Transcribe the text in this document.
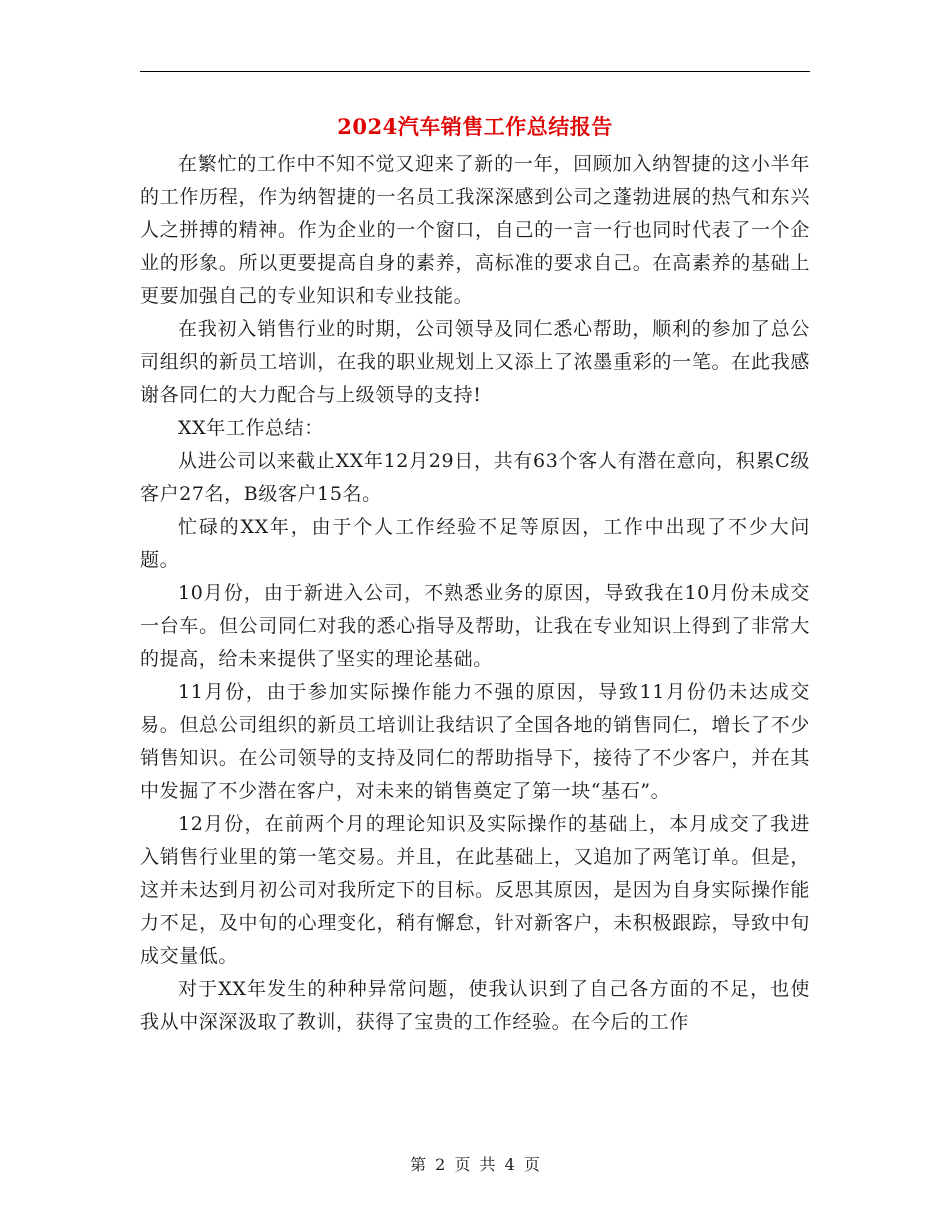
2024汽车销售工作总结报告

在繁忙的工作中不知不觉又迎来了新的一年，回顾加入纳智捷的这小半年的工作历程，作为纳智捷的一名员工我深深感到公司之蓬勃进展的热气和东兴人之拼搏的精神。作为企业的一个窗口，自己的一言一行也同时代表了一个企业的形象。所以更要提高自身的素养，高标准的要求自己。在高素养的基础上更要加强自己的专业知识和专业技能。

在我初入销售行业的时期，公司领导及同仁悉心帮助，顺利的参加了总公司组织的新员工培训，在我的职业规划上又添上了浓墨重彩的一笔。在此我感谢各同仁的大力配合与上级领导的支持!

XX年工作总结：

从进公司以来截止XX年12月29日，共有63个客人有潜在意向，积累C级客户27名，B级客户15名。

忙碌的XX年，由于个人工作经验不足等原因，工作中出现了不少大问题。

10月份，由于新进入公司，不熟悉业务的原因，导致我在10月份未成交一台车。但公司同仁对我的悉心指导及帮助，让我在专业知识上得到了非常大的提高，给未来提供了坚实的理论基础。

11月份，由于参加实际操作能力不强的原因，导致11月份仍未达成交易。但总公司组织的新员工培训让我结识了全国各地的销售同仁，增长了不少销售知识。在公司领导的支持及同仁的帮助指导下，接待了不少客户，并在其中发掘了不少潜在客户，对未来的销售奠定了第一块“基石”。

12月份，在前两个月的理论知识及实际操作的基础上，本月成交了我进入销售行业里的第一笔交易。并且，在此基础上，又追加了两笔订单。但是，这并未达到月初公司对我所定下的目标。反思其原因，是因为自身实际操作能力不足，及中旬的心理变化，稍有懈怠，针对新客户，未积极跟踪，导致中旬成交量低。

对于XX年发生的种种异常问题，使我认识到了自己各方面的不足，也使我从中深深汲取了教训，获得了宝贵的工作经验。在今后的工作

第 2 页 共 4 页
